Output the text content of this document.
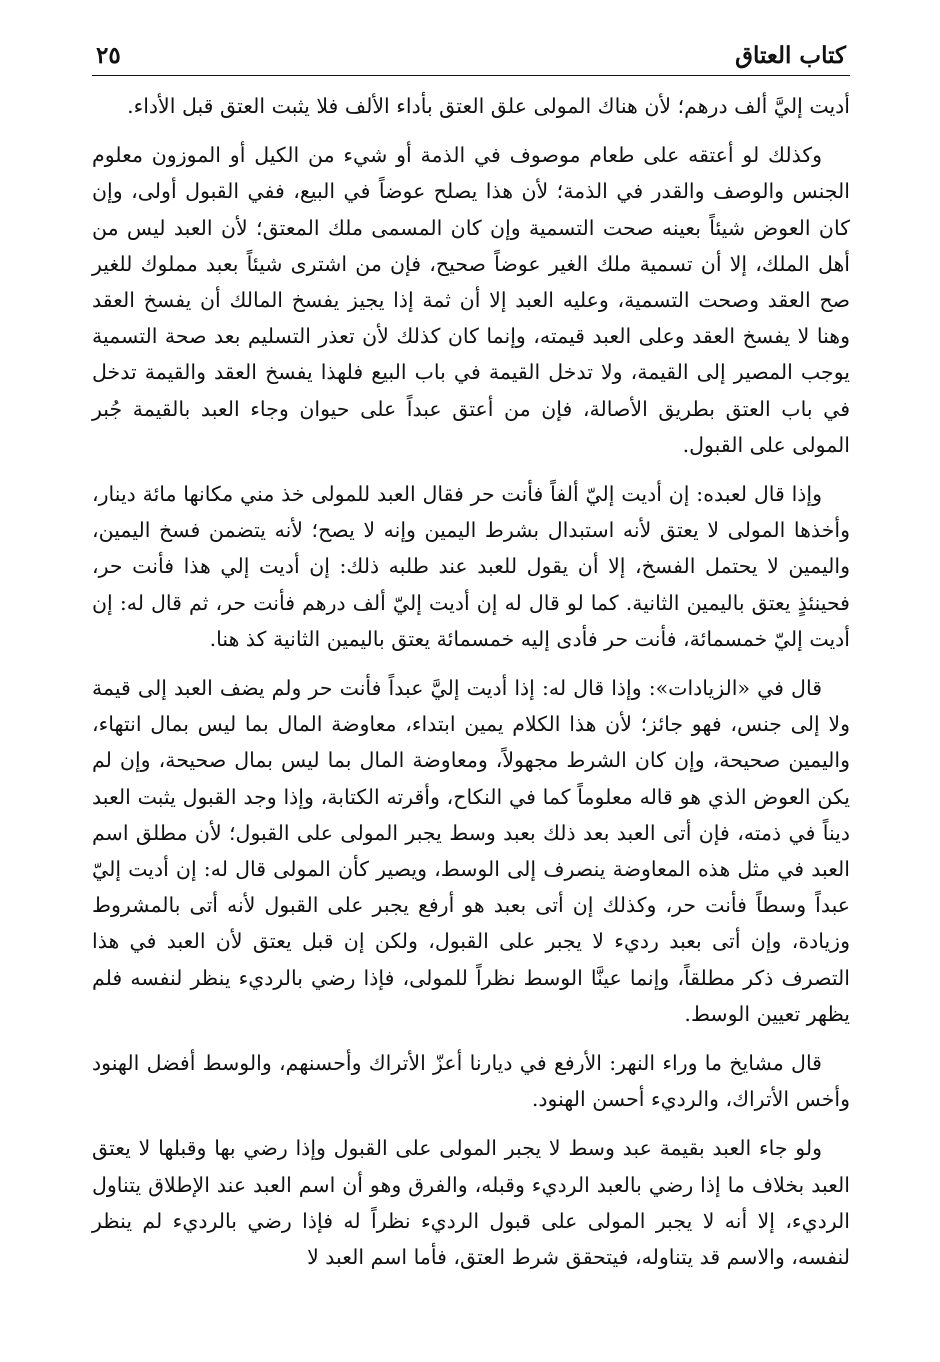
كتاب العتاق
٢٥

أديت إليَّ ألف درهم؛ لأن هناك المولى علق العتق بأداء الألف فلا يثبت العتق قبل الأداء.

وكذلك لو أعتقه على طعام موصوف في الذمة أو شيء من الكيل أو الموزون معلوم الجنس والوصف والقدر في الذمة؛ لأن هذا يصلح عوضاً في البيع، ففي القبول أولى، وإن كان العوض شيئاً بعينه صحت التسمية وإن كان المسمى ملك المعتق؛ لأن العبد ليس من أهل الملك، إلا أن تسمية ملك الغير عوضاً صحيح، فإن من اشترى شيئاً بعبد مملوك للغير صح العقد وصحت التسمية، وعليه العبد إلا أن ثمة إذا يجيز يفسخ المالك أن يفسخ العقد وهنا لا يفسخ العقد وعلى العبد قيمته، وإنما كان كذلك لأن تعذر التسليم بعد صحة التسمية يوجب المصير إلى القيمة، ولا تدخل القيمة في باب البيع فلهذا يفسخ العقد والقيمة تدخل في باب العتق بطريق الأصالة، فإن من أعتق عبداً على حيوان وجاء العبد بالقيمة جُبر المولى على القبول.

وإذا قال لعبده: إن أديت إليّ ألفاً فأنت حر فقال العبد للمولى خذ مني مكانها مائة دينار، وأخذها المولى لا يعتق لأنه استبدال بشرط اليمين وإنه لا يصح؛ لأنه يتضمن فسخ اليمين، واليمين لا يحتمل الفسخ، إلا أن يقول للعبد عند طلبه ذلك: إن أديت إلي هذا فأنت حر، فحينئذٍ يعتق باليمين الثانية. كما لو قال له إن أديت إليّ ألف درهم فأنت حر، ثم قال له: إن أديت إليّ خمسمائة، فأنت حر فأدى إليه خمسمائة يعتق باليمين الثانية كذ هنا.

قال في «الزيادات»: وإذا قال له: إذا أديت إليَّ عبداً فأنت حر ولم يضف العبد إلى قيمة ولا إلى جنس، فهو جائز؛ لأن هذا الكلام يمين ابتداء، معاوضة المال بما ليس بمال انتهاء، واليمين صحيحة، وإن كان الشرط مجهولاً، ومعاوضة المال بما ليس بمال صحيحة، وإن لم يكن العوض الذي هو قاله معلوماً كما في النكاح، وأقرته الكتابة، وإذا وجد القبول يثبت العبد ديناً في ذمته، فإن أتى العبد بعد ذلك بعبد وسط يجبر المولى على القبول؛ لأن مطلق اسم العبد في مثل هذه المعاوضة ينصرف إلى الوسط، ويصير كأن المولى قال له: إن أديت إليّ عبداً وسطاً فأنت حر، وكذلك إن أتى بعبد هو أرفع يجبر على القبول لأنه أتى بالمشروط وزيادة، وإن أتى بعبد رديء لا يجبر على القبول، ولكن إن قبل يعتق لأن العبد في هذا التصرف ذكر مطلقاً، وإنما عينَّا الوسط نظراً للمولى، فإذا رضي بالرديء ينظر لنفسه فلم يظهر تعيين الوسط.

قال مشايخ ما وراء النهر: الأرفع في ديارنا أعزّ الأتراك وأحسنهم، والوسط أفضل الهنود وأخس الأتراك، والرديء أحسن الهنود.

ولو جاء العبد بقيمة عبد وسط لا يجبر المولى على القبول وإذا رضي بها وقبلها لا يعتق العبد بخلاف ما إذا رضي بالعبد الرديء وقبله، والفرق وهو أن اسم العبد عند الإطلاق يتناول الرديء، إلا أنه لا يجبر المولى على قبول الرديء نظراً له فإذا رضي بالرديء لم ينظر لنفسه، والاسم قد يتناوله، فيتحقق شرط العتق، فأما اسم العبد لا
